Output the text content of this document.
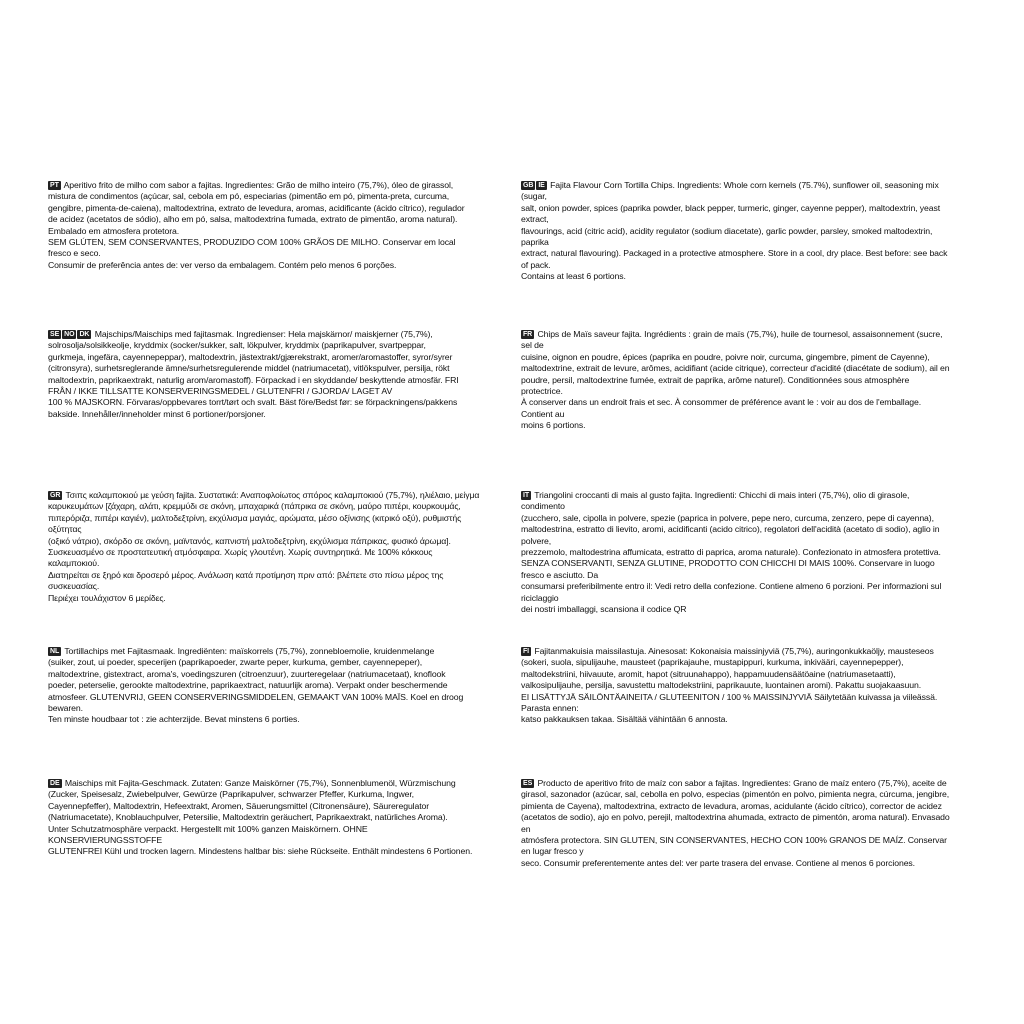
PT Aperitivo frito de milho com sabor a fajitas. Ingredientes: Grão de milho inteiro (75,7%), óleo de girassol,
mistura de condimentos (açúcar, sal, cebola em pó, especiarias (pimentão em pó, pimenta-preta, curcuma,
gengibre, pimenta-de-caiena), maltodextrina, extrato de levedura, aromas, acidificante (ácido cítrico), regulador
de acidez (acetatos de sódio), alho em pó, salsa, maltodextrina fumada, extrato de pimentão, aroma natural).
Embalado em atmosfera protetora.
SEM GLÚTEN, SEM CONSERVANTES, PRODUZIDO COM 100% GRÃOS DE MILHO. Conservar em local fresco e seco.
Consumir de preferência antes de: ver verso da embalagem. Contém pelo menos 6 porções.
GB IE Fajita Flavour Corn Tortilla Chips. Ingredients: Whole corn kernels (75.7%), sunflower oil, seasoning mix (sugar,
salt, onion powder, spices (paprika powder, black pepper, turmeric, ginger, cayenne pepper), maltodextrin, yeast extract,
flavourings, acid (citric acid), acidity regulator (sodium diacetate), garlic powder, parsley, smoked maltodextrin, paprika
extract, natural flavouring). Packaged in a protective atmosphere. Store in a cool, dry place. Best before: see back of pack.
Contains at least 6 portions.
SE NO DK Majschips/Maischips med fajitasmak. Ingredienser: Hela majskärnor/ maiskjerner (75,7%),
solrosolja/solsikkeolje, kryddmix (socker/sukker, salt, lökpulver, kryddmix (paprikapulver, svartpeppar,
gurkmeja, ingefära, cayennepeppar), maltodextrin, jästextrakt/gjærekstrakt, aromer/aromastoffer, syror/syrer
(citronsyra), surhetsreglerande ämne/surhetsregulerende middel (natriumacetat), vitlökspulver, persilja, rökt
maltodextrin, paprikaextrakt, naturlig arom/aromastoff). Förpackad i en skyddande/ beskyttende atmosfär. FRI
FRÅN / IKKE TILLSATTE KONSERVERINGSMEDEL / GLUTENFRI / GJORDA/ LAGET AV
100 % MAJSKORN. Förvaras/oppbevares torrt/tørt och svalt. Bäst före/Bedst før: se förpackningens/pakkens
bakside. Innehåller/inneholder minst 6 portioner/porsjoner.
FR Chips de Maïs saveur fajita. Ingrédients : grain de maïs (75,7%), huile de tournesol, assaisonnement (sucre, sel de
cuisine, oignon en poudre, épices (paprika en poudre, poivre noir, curcuma, gingembre, piment de Cayenne),
maltodextrine, extrait de levure, arômes, acidifiant (acide citrique), correcteur d'acidité (diacétate de sodium), ail en
poudre, persil, maltodextrine fumée, extrait de paprika, arôme naturel). Conditionnées sous atmosphère protectrice.
À conserver dans un endroit frais et sec. À consommer de préférence avant le : voir au dos de l'emballage. Contient au
moins 6 portions.
GR Τσιπς καλαμποκιού με γεύση fajita. Συστατικά: Αναποφλοίωτος σπόρος καλαμποκιού (75,7%), ηλιέλαιο, μείγμα
καρυκευμάτων [ζάχαρη, αλάτι, κρεμμύδι σε σκόνη, μπαχαρικά (πάπρικα σε σκόνη, μαύρο πιπέρι, κουρκουμάς,
πιπερόριζα, πιπέρι καγιέν), μαλτοδεξτρίνη, εκχύλισμα μαγιάς, αρώματα, μέσο οξίνισης (κιτρικό οξύ), ρυθμιστής οξύτητας
(οξικό νάτριο), σκόρδο σε σκόνη, μαϊντανός, καπνιστή μαλτοδεξτρίνη, εκχύλισμα πάπρικας, φυσικό άρωμα].
Συσκευασμένο σε προστατευτική ατμόσφαιρα. Χωρίς γλουτένη. Χωρίς συντηρητικά. Με 100% κόκκους καλαμποκιού.
Διατηρείται σε ξηρό και δροσερό μέρος. Ανάλωση κατά προτίμηση πριν από: βλέπετε στο πίσω μέρος της συσκευασίας.
Περιέχει τουλάχιστον 6 μερίδες.
IT Triangolini croccanti di mais al gusto fajita. Ingredienti: Chicchi di mais interi (75,7%), olio di girasole, condimento
(zucchero, sale, cipolla in polvere, spezie (paprica in polvere, pepe nero, curcuma, zenzero, pepe di cayenna),
maltodestrina, estratto di lievito, aromi, acidificanti (acido citrico), regolatori dell'acidità (acetato di sodio), aglio in polvere,
prezzemolo, maltodestrina affumicata, estratto di paprica, aroma naturale). Confezionato in atmosfera protettiva.
SENZA CONSERVANTI, SENZA GLUTINE, PRODOTTO CON CHICCHI DI MAIS 100%. Conservare in luogo fresco e asciutto. Da
consumarsi preferibilmente entro il: Vedi retro della confezione. Contiene almeno 6 porzioni. Per informazioni sul riciclaggio
dei nostri imballaggi, scansiona il codice QR
NL Tortillachips met Fajitasmaak. Ingrediënten: maïskorrels (75,7%), zonnebloemolie, kruidenmelange
(suiker, zout, ui poeder, specerijen (paprikapoeder, zwarte peper, kurkuma, gember, cayennepeper),
maltodextrine, gistextract, aroma's, voedingszuren (citroenzuur), zuurteregelaar (natriumacetaat), knoflook
poeder, peterselie, gerookte maltodextrine, paprikaextract, natuurlijk aroma). Verpakt onder beschermende
atmosfeer. GLUTENVRIJ, GEEN CONSERVERINGSMIDDELEN, GEMAAKT VAN 100% MAÏS. Koel en droog bewaren.
Ten minste houdbaar tot : zie achterzijde. Bevat minstens 6 porties.
FI Fajitanmakuisia maissilastuja. Ainesosat: Kokonaisia maissinjyviä (75,7%), auringonkukkaöljy, mausteseos
(sokeri, suola, sipulijauhe, mausteet (paprikajauhe, mustapippuri, kurkuma, inkivääri, cayennepepper),
maltodekstriini, hiivauute, aromit, hapot (sitruunahappo), happamuudensäätöaine (natriumasetaatti),
valkosipulijauhe, persilja, savustettu maltodekstriini, paprikauute, luontainen aromi). Pakattu suojakaasuun.
EI LISÄTTYJÄ SÄILÖNTÄAINEITA / GLUTEENITON / 100 % MAISSINJYVIÄ Säilytetään kuivassa ja viileässä. Parasta ennen:
katso pakkauksen takaa. Sisältää vähintään 6 annosta.
DE Maischips mit Fajita-Geschmack. Zutaten: Ganze Maiskörner (75,7%), Sonnenblumenöl, Würzmischung
(Zucker, Speisesalz, Zwiebelpulver, Gewürze (Paprikapulver, schwarzer Pfeffer, Kurkuma, Ingwer,
Cayennepfeffer), Maltodextrin, Hefeextrakt, Aromen, Säuerungsmittel (Citronensäure), Säureregulator
(Natriumacetate), Knoblauchpulver, Petersilie, Maltodextrin geräuchert, Paprikaextrakt, natürliches Aroma).
Unter Schutzatmosphäre verpackt. Hergestellt mit 100% ganzen Maiskörnern. OHNE KONSERVIERUNGSSTOFFE
GLUTENFREI Kühl und trocken lagern. Mindestens haltbar bis: siehe Rückseite. Enthält mindestens 6 Portionen.
ES Producto de aperitivo frito de maíz con sabor a fajitas. Ingredientes: Grano de maíz entero (75,7%), aceite de
girasol, sazonador (azúcar, sal, cebolla en polvo, especias (pimentón en polvo, pimienta negra, cúrcuma, jengibre,
pimienta de Cayena), maltodextrina, extracto de levadura, aromas, acidulante (ácido cítrico), corrector de acidez
(acetatos de sodio), ajo en polvo, perejil, maltodextrina ahumada, extracto de pimentón, aroma natural). Envasado en
atmósfera protectora. SIN GLUTEN, SIN CONSERVANTES, HECHO CON 100% GRANOS DE MAÍZ. Conservar en lugar fresco y
seco. Consumir preferentemente antes del: ver parte trasera del envase. Contiene al menos 6 porciones.
